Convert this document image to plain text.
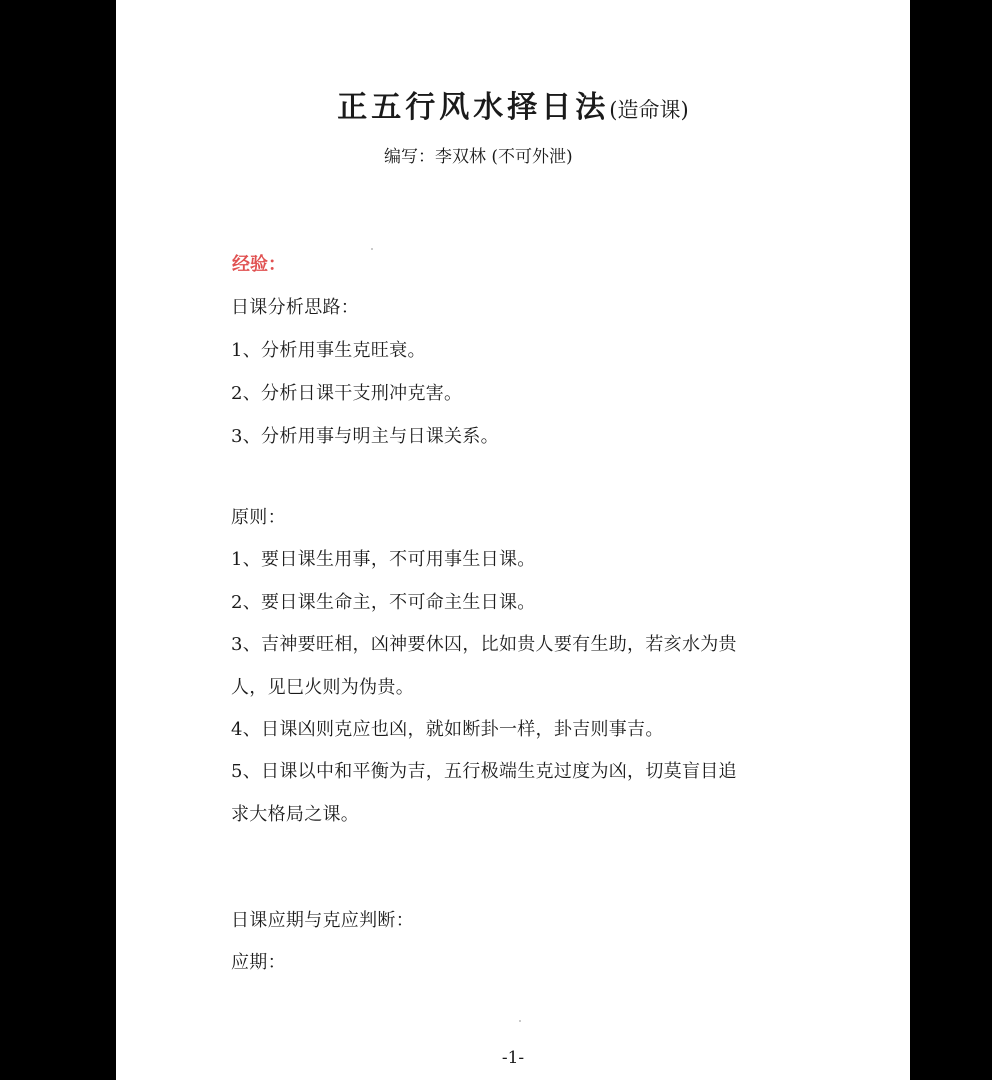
正五行风水择日法(造命课)
编写：李双林 (不可外泄)
经验：
日课分析思路：
1、分析用事生克旺衰。
2、分析日课干支刑冲克害。
3、分析用事与明主与日课关系。
原则：
1、要日课生用事，不可用事生日课。
2、要日课生命主，不可命主生日课。
3、吉神要旺相，凶神要休囚，比如贵人要有生助，若亥水为贵
人，见巳火则为伪贵。
4、日课凶则克应也凶，就如断卦一样，卦吉则事吉。
5、日课以中和平衡为吉，五行极端生克过度为凶，切莫盲目追
求大格局之课。
日课应期与克应判断：
应期：
-1-
